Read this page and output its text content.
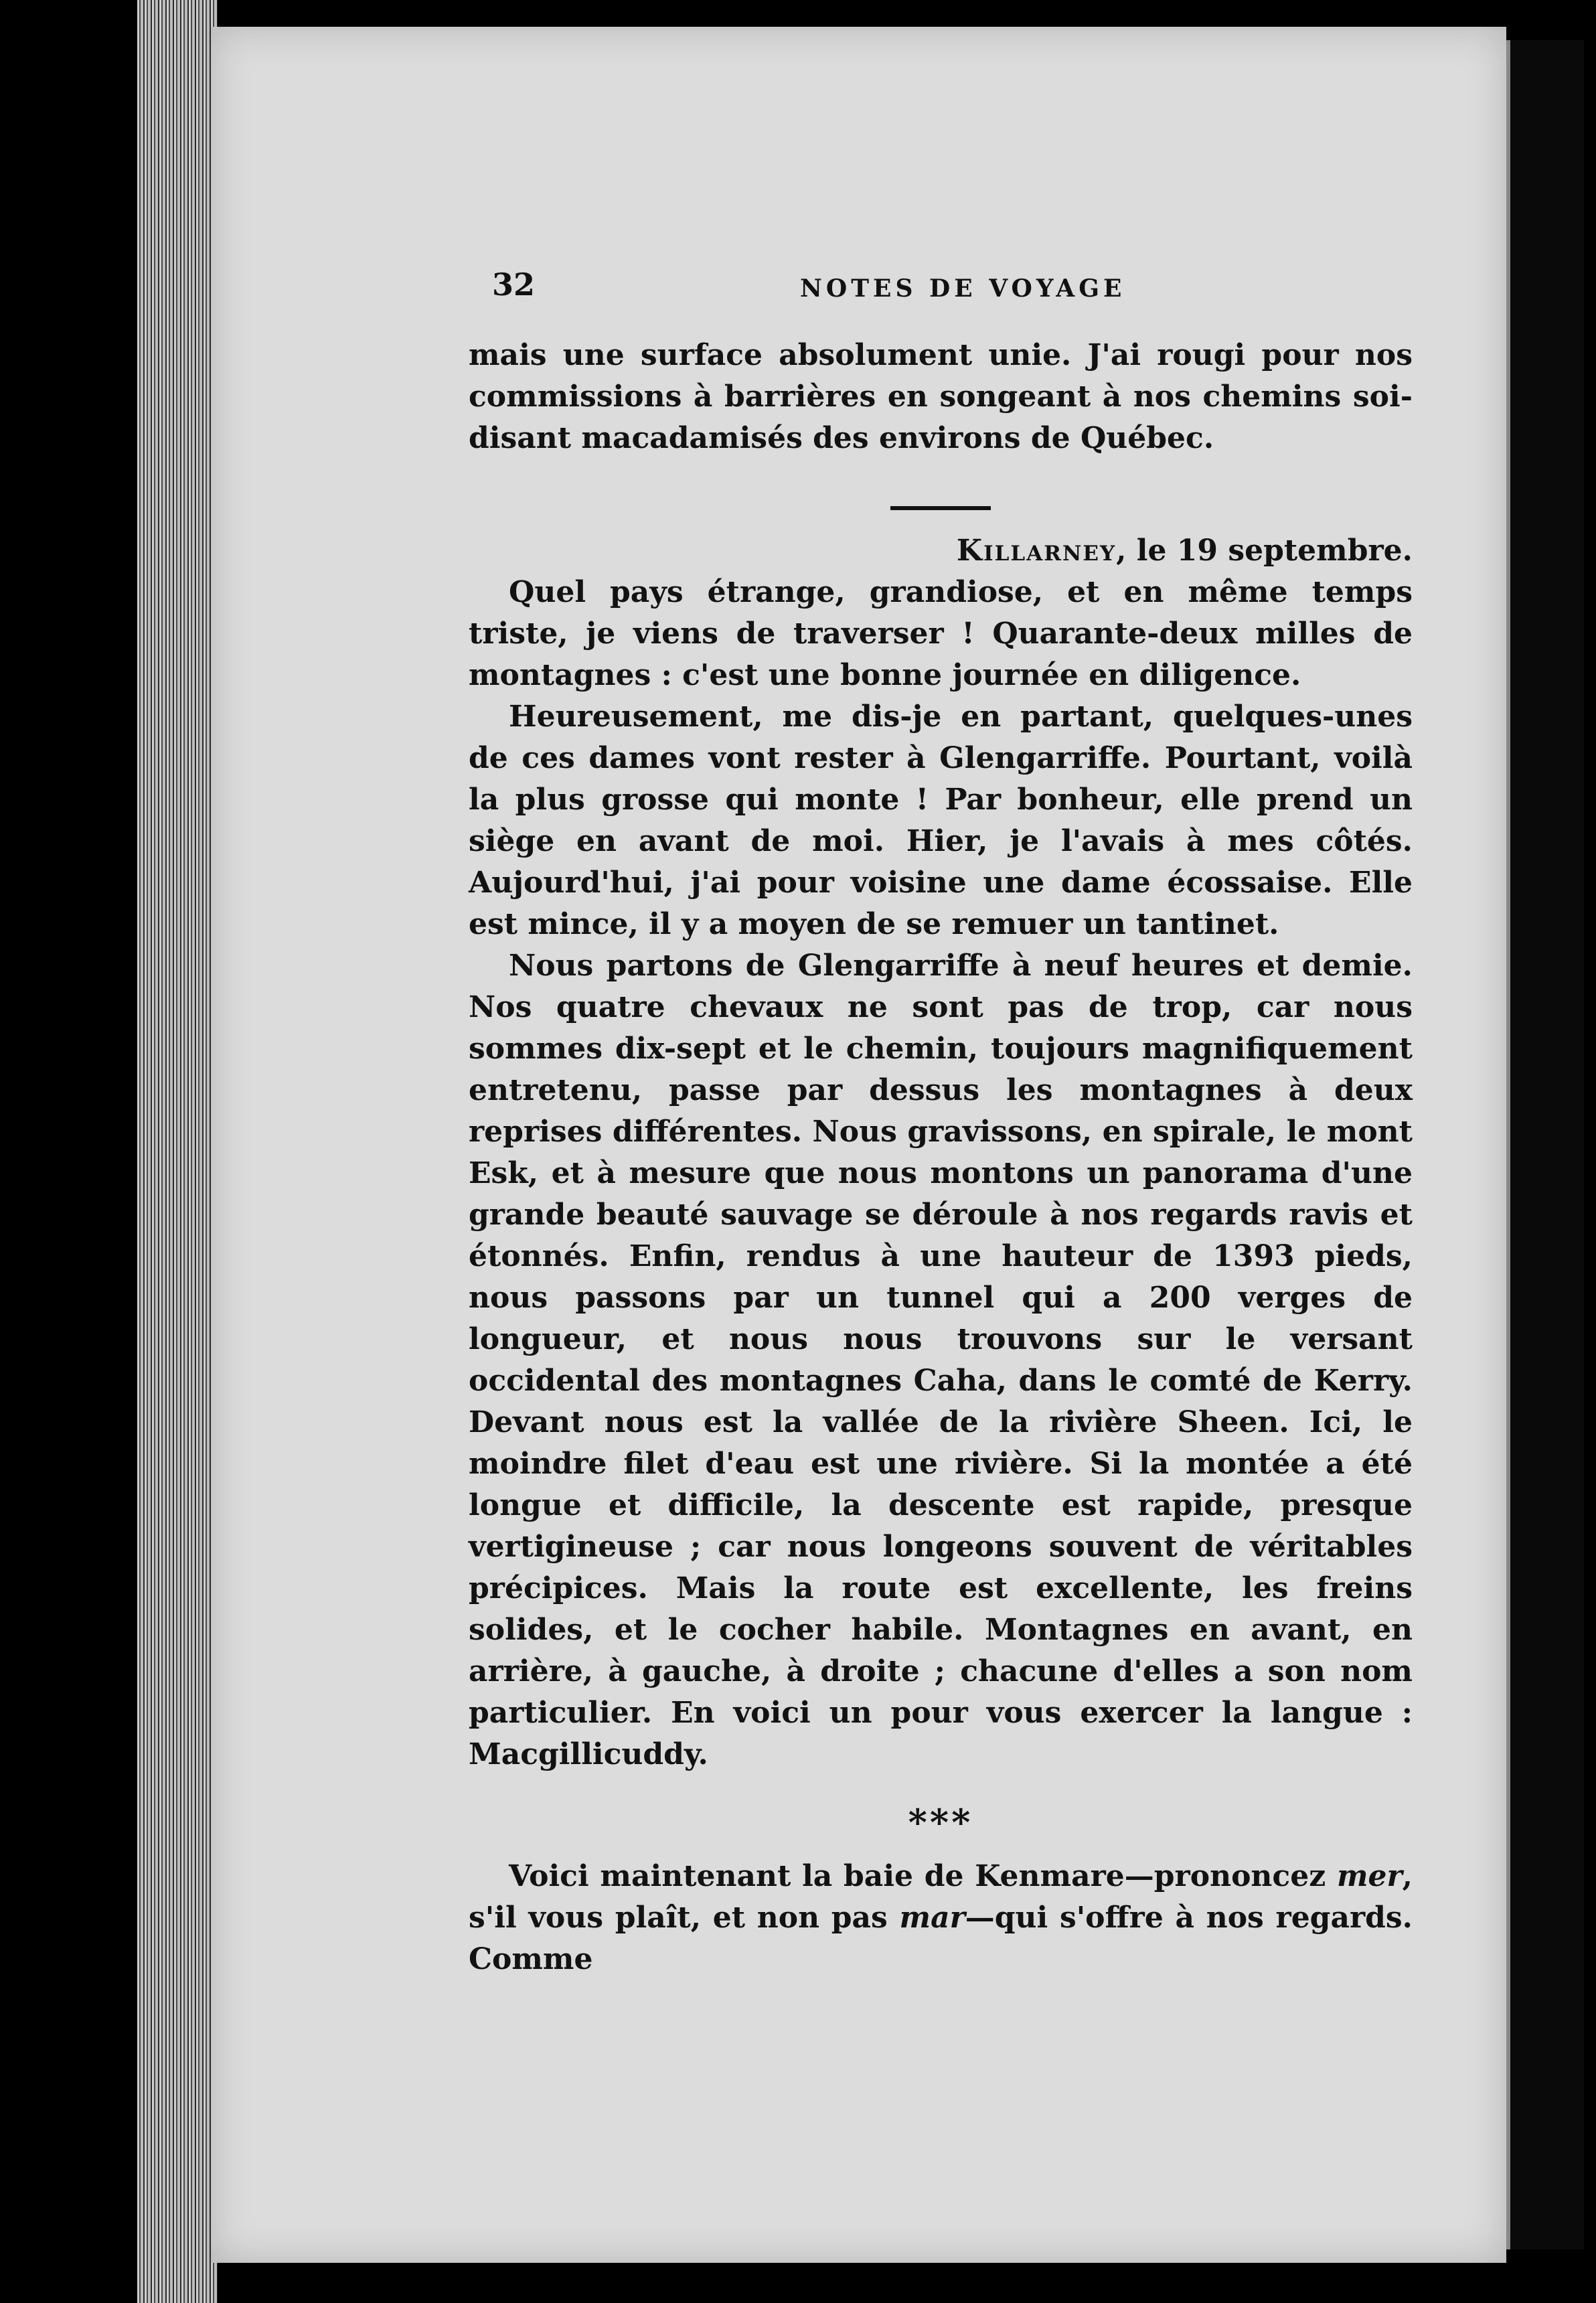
32	NOTES DE VOYAGE

mais une surface absolument unie. J'ai rougi pour nos commissions à barrières en songeant à nos chemins soi-disant macadamisés des environs de Québec.

Killarney, le 19 septembre.

Quel pays étrange, grandiose, et en même temps triste, je viens de traverser ! Quarante-deux milles de montagnes : c'est une bonne journée en diligence.

Heureusement, me dis-je en partant, quelques-unes de ces dames vont rester à Glengarriffe. Pourtant, voilà la plus grosse qui monte ! Par bonheur, elle prend un siège en avant de moi. Hier, je l'avais à mes côtés. Aujourd'hui, j'ai pour voisine une dame écossaise. Elle est mince, il y a moyen de se remuer un tantinet.

Nous partons de Glengarriffe à neuf heures et demie. Nos quatre chevaux ne sont pas de trop, car nous sommes dix-sept et le chemin, toujours magnifiquement entretenu, passe par dessus les montagnes à deux reprises différentes. Nous gravissons, en spirale, le mont Esk, et à mesure que nous montons un panorama d'une grande beauté sauvage se déroule à nos regards ravis et étonnés. Enfin, rendus à une hauteur de 1393 pieds, nous passons par un tunnel qui a 200 verges de longueur, et nous nous trouvons sur le versant occidental des montagnes Caha, dans le comté de Kerry. Devant nous est la vallée de la rivière Sheen. Ici, le moindre filet d'eau est une rivière. Si la montée a été longue et difficile, la descente est rapide, presque vertigineuse ; car nous longeons souvent de véritables précipices. Mais la route est excellente, les freins solides, et le cocher habile. Montagnes en avant, en arrière, à gauche, à droite ; chacune d'elles a son nom particulier. En voici un pour vous exercer la langue : Macgillicuddy.

***

Voici maintenant la baie de Kenmare—prononcez mer, s'il vous plaît, et non pas mar—qui s'offre à nos regards. Comme
